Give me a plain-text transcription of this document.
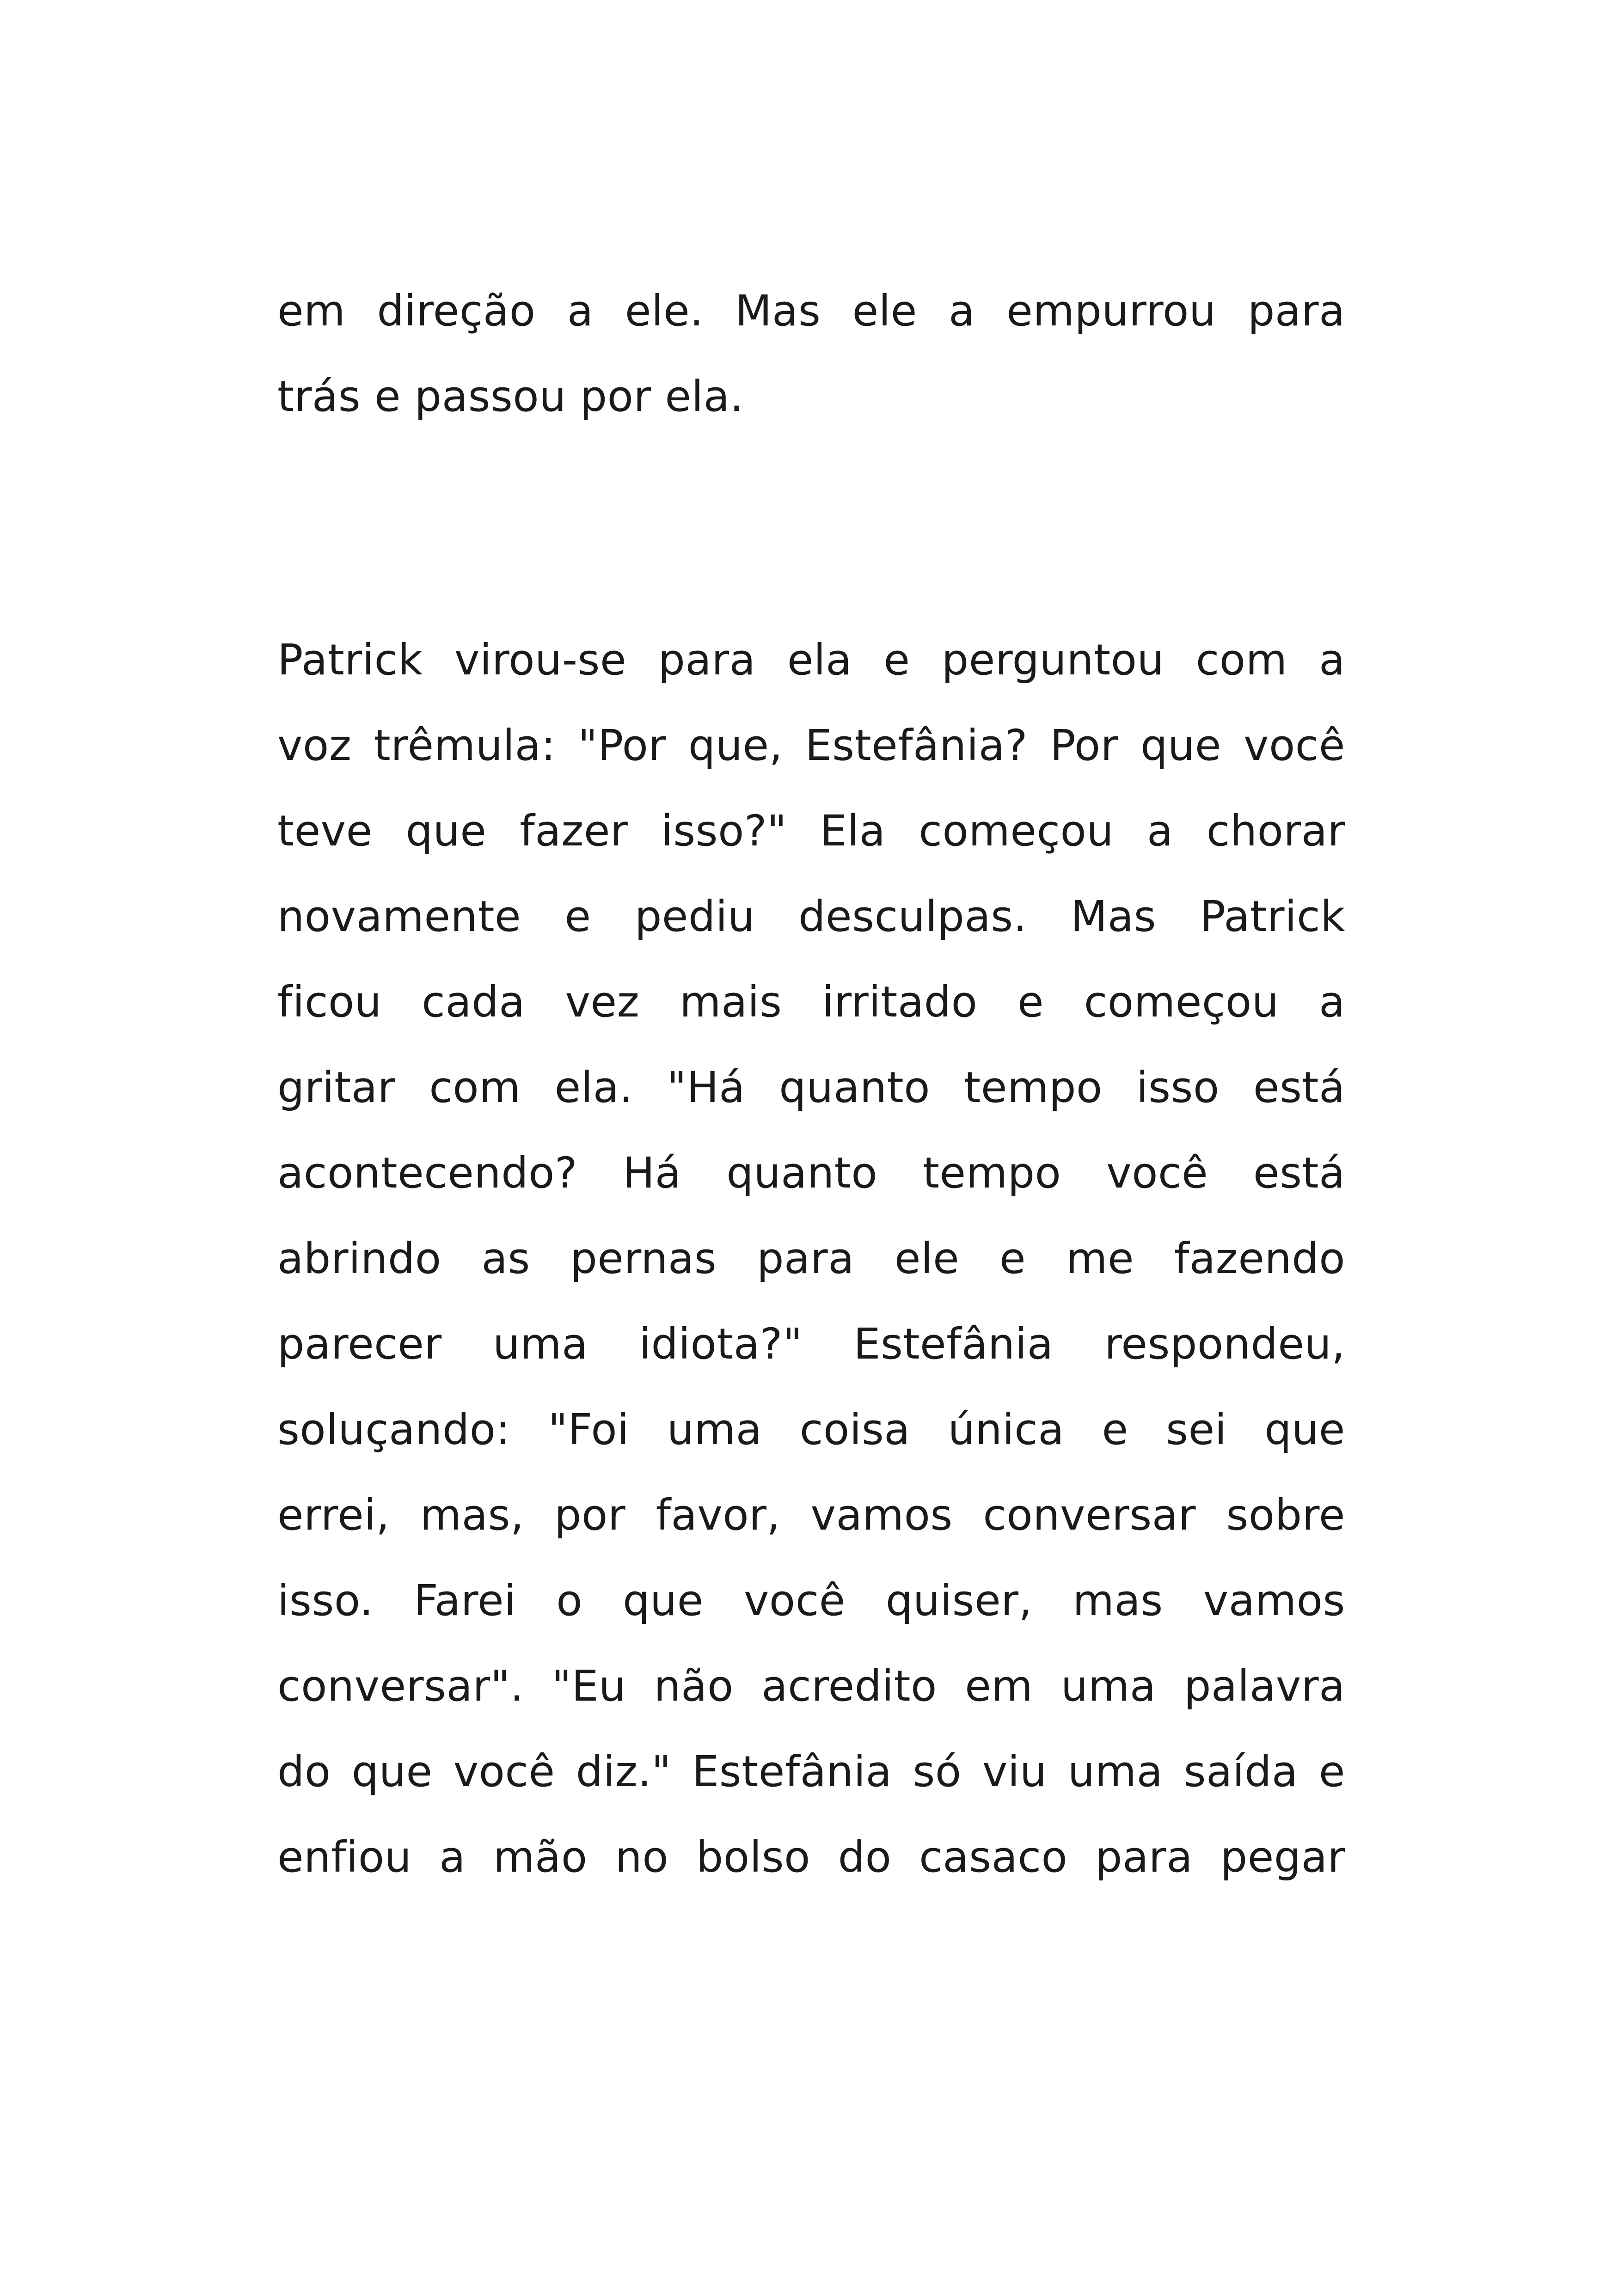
em direção a ele. Mas ele a empurrou para
trás e passou por ela.
Patrick virou-se para ela e perguntou com a
voz trêmula: "Por que, Estefânia? Por que você
teve que fazer isso?" Ela começou a chorar
novamente e pediu desculpas. Mas Patrick
ficou cada vez mais irritado e começou a
gritar com ela. "Há quanto tempo isso está
acontecendo? Há quanto tempo você está
abrindo as pernas para ele e me fazendo
parecer uma idiota?" Estefânia respondeu,
soluçando: "Foi uma coisa única e sei que
errei, mas, por favor, vamos conversar sobre
isso. Farei o que você quiser, mas vamos
conversar". "Eu não acredito em uma palavra
do que você diz." Estefânia só viu uma saída e
enfiou a mão no bolso do casaco para pegar
